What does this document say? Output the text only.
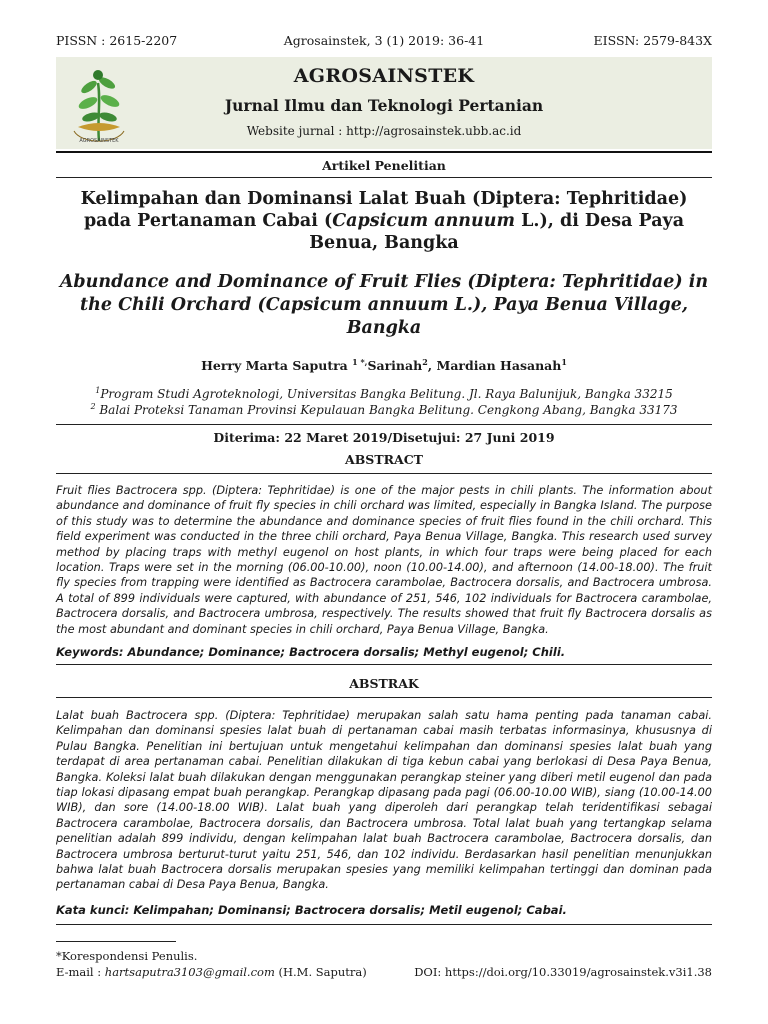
PISSN : 2615-2207	Agrosainstek, 3 (1) 2019: 36-41	EISSN: 2579-843X
AGROSAINSTEK
AGROSAINSTEK
Jurnal Ilmu dan Teknologi Pertanian
Website jurnal : http://agrosainstek.ubb.ac.id
Artikel Penelitian
Kelimpahan dan Dominansi Lalat Buah (Diptera: Tephritidae) pada Pertanaman Cabai (Capsicum annuum L.), di Desa Paya Benua, Bangka
Abundance and Dominance of Fruit Flies (Diptera: Tephritidae) in the Chili Orchard (Capsicum annuum L.), Paya Benua Village, Bangka
Herry Marta Saputra $^{1 *,}$Sarinah$^2$, Mardian Hasanah$^1$
$^1$Program Studi Agroteknologi, Universitas Bangka Belitung. Jl. Raya Balunijuk, Bangka 33215
$^2$ Balai Proteksi Tanaman Provinsi Kepulauan Bangka Belitung. Cengkong Abang, Bangka 33173
Diterima: 22 Maret 2019/Disetujui: 27 Juni 2019
ABSTRACT
Fruit flies Bactrocera spp. (Diptera: Tephritidae) is one of the major pests in chili plants. The information about abundance and dominance of fruit fly species in chili orchard was limited, especially in Bangka Island. The purpose of this study was to determine the abundance and dominance species of fruit flies found in the chili orchard. This field experiment was conducted in the three chili orchard, Paya Benua Village, Bangka. This research used survey method by placing traps with methyl eugenol on host plants, in which four traps were being placed for each location. Traps were set in the morning (06.00-10.00), noon (10.00-14.00), and afternoon (14.00-18.00). The fruit fly species from trapping were identified as Bactrocera carambolae, Bactrocera dorsalis, and Bactrocera umbrosa. A total of 899 individuals were captured, with abundance of 251, 546, 102 individuals for Bactrocera carambolae, Bactrocera dorsalis, and Bactrocera umbrosa, respectively. The results showed that fruit fly Bactrocera dorsalis as the most abundant and dominant species in chili orchard, Paya Benua Village, Bangka.
Keywords: Abundance; Dominance; Bactrocera dorsalis; Methyl eugenol; Chili.
ABSTRAK
Lalat buah Bactrocera spp. (Diptera: Tephritidae) merupakan salah satu hama penting pada tanaman cabai. Kelimpahan dan dominansi spesies lalat buah di pertanaman cabai masih terbatas informasinya, khususnya di Pulau Bangka. Penelitian ini bertujuan untuk mengetahui kelimpahan dan dominansi spesies lalat buah yang terdapat di area pertanaman cabai. Penelitian dilakukan di tiga kebun cabai yang berlokasi di Desa Paya Benua, Bangka. Koleksi lalat buah dilakukan dengan menggunakan perangkap steiner yang diberi metil eugenol dan pada tiap lokasi dipasang empat buah perangkap. Perangkap dipasang pada pagi (06.00-10.00 WIB), siang (10.00-14.00 WIB), dan sore (14.00-18.00 WIB). Lalat buah yang diperoleh dari perangkap telah teridentifikasi sebagai Bactrocera carambolae, Bactrocera dorsalis, dan Bactrocera umbrosa. Total lalat buah yang tertangkap selama penelitian adalah 899 individu, dengan kelimpahan lalat buah Bactrocera carambolae, Bactrocera dorsalis, dan Bactrocera umbrosa berturut-turut yaitu 251, 546, dan 102 individu. Berdasarkan hasil penelitian menunjukkan bahwa lalat buah Bactrocera dorsalis merupakan spesies yang memiliki kelimpahan tertinggi dan dominan pada pertanaman cabai di Desa Paya Benua, Bangka.
Kata kunci: Kelimpahan; Dominansi; Bactrocera dorsalis; Metil eugenol; Cabai.
*Korespondensi Penulis.
E-mail : hartsaputra3103@gmail.com (H.M. Saputra)	DOI: https://doi.org/10.33019/agrosainstek.v3i1.38
